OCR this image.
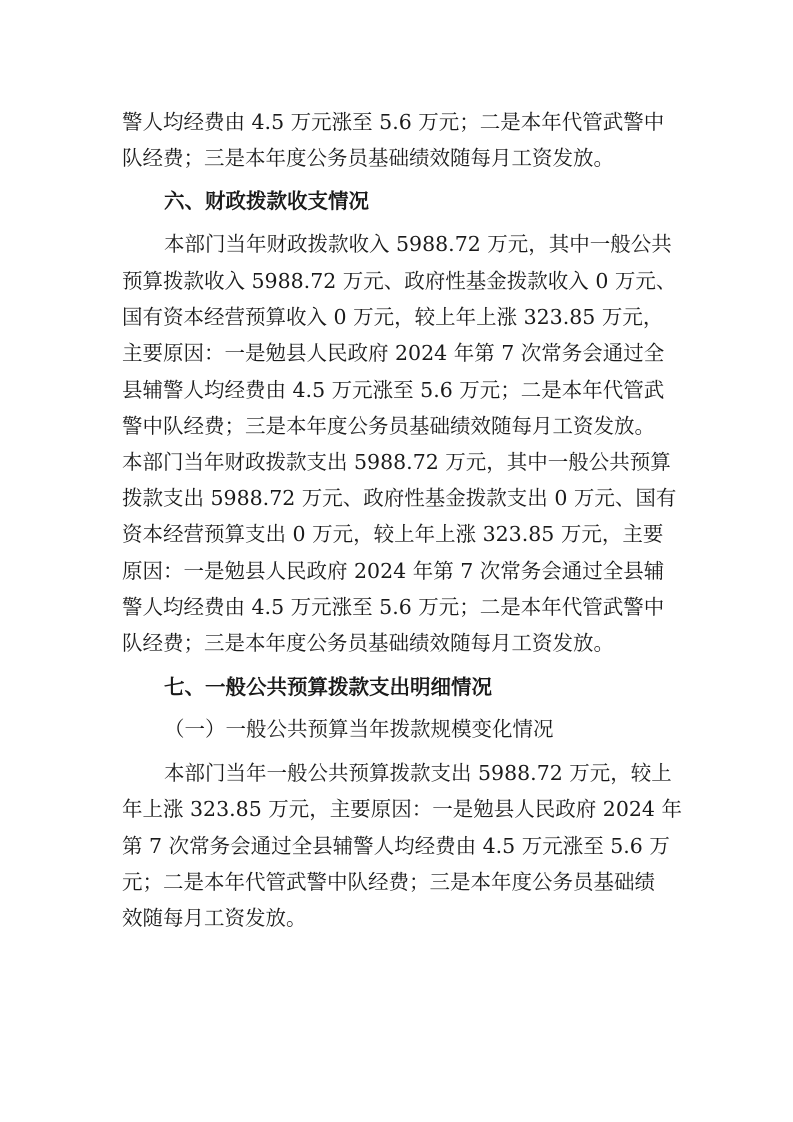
警人均经费由 4.5 万元涨至 5.6 万元；二是本年代管武警中
队经费；三是本年度公务员基础绩效随每月工资发放。
六、财政拨款收支情况
本部门当年财政拨款收入 5988.72 万元，其中一般公共
预算拨款收入 5988.72 万元、政府性基金拨款收入 0 万元、
国有资本经营预算收入 0 万元，较上年上涨 323.85 万元，
主要原因：一是勉县人民政府 2024 年第 7 次常务会通过全
县辅警人均经费由 4.5 万元涨至 5.6 万元；二是本年代管武
警中队经费；三是本年度公务员基础绩效随每月工资发放。
本部门当年财政拨款支出 5988.72 万元，其中一般公共预算
拨款支出 5988.72 万元、政府性基金拨款支出 0 万元、国有
资本经营预算支出 0 万元，较上年上涨 323.85 万元，主要
原因：一是勉县人民政府 2024 年第 7 次常务会通过全县辅
警人均经费由 4.5 万元涨至 5.6 万元；二是本年代管武警中
队经费；三是本年度公务员基础绩效随每月工资发放。
七、一般公共预算拨款支出明细情况
（一）一般公共预算当年拨款规模变化情况
本部门当年一般公共预算拨款支出 5988.72 万元，较上
年上涨 323.85 万元，主要原因：一是勉县人民政府 2024 年
第 7 次常务会通过全县辅警人均经费由 4.5 万元涨至 5.6 万
元；二是本年代管武警中队经费；三是本年度公务员基础绩
效随每月工资发放。
